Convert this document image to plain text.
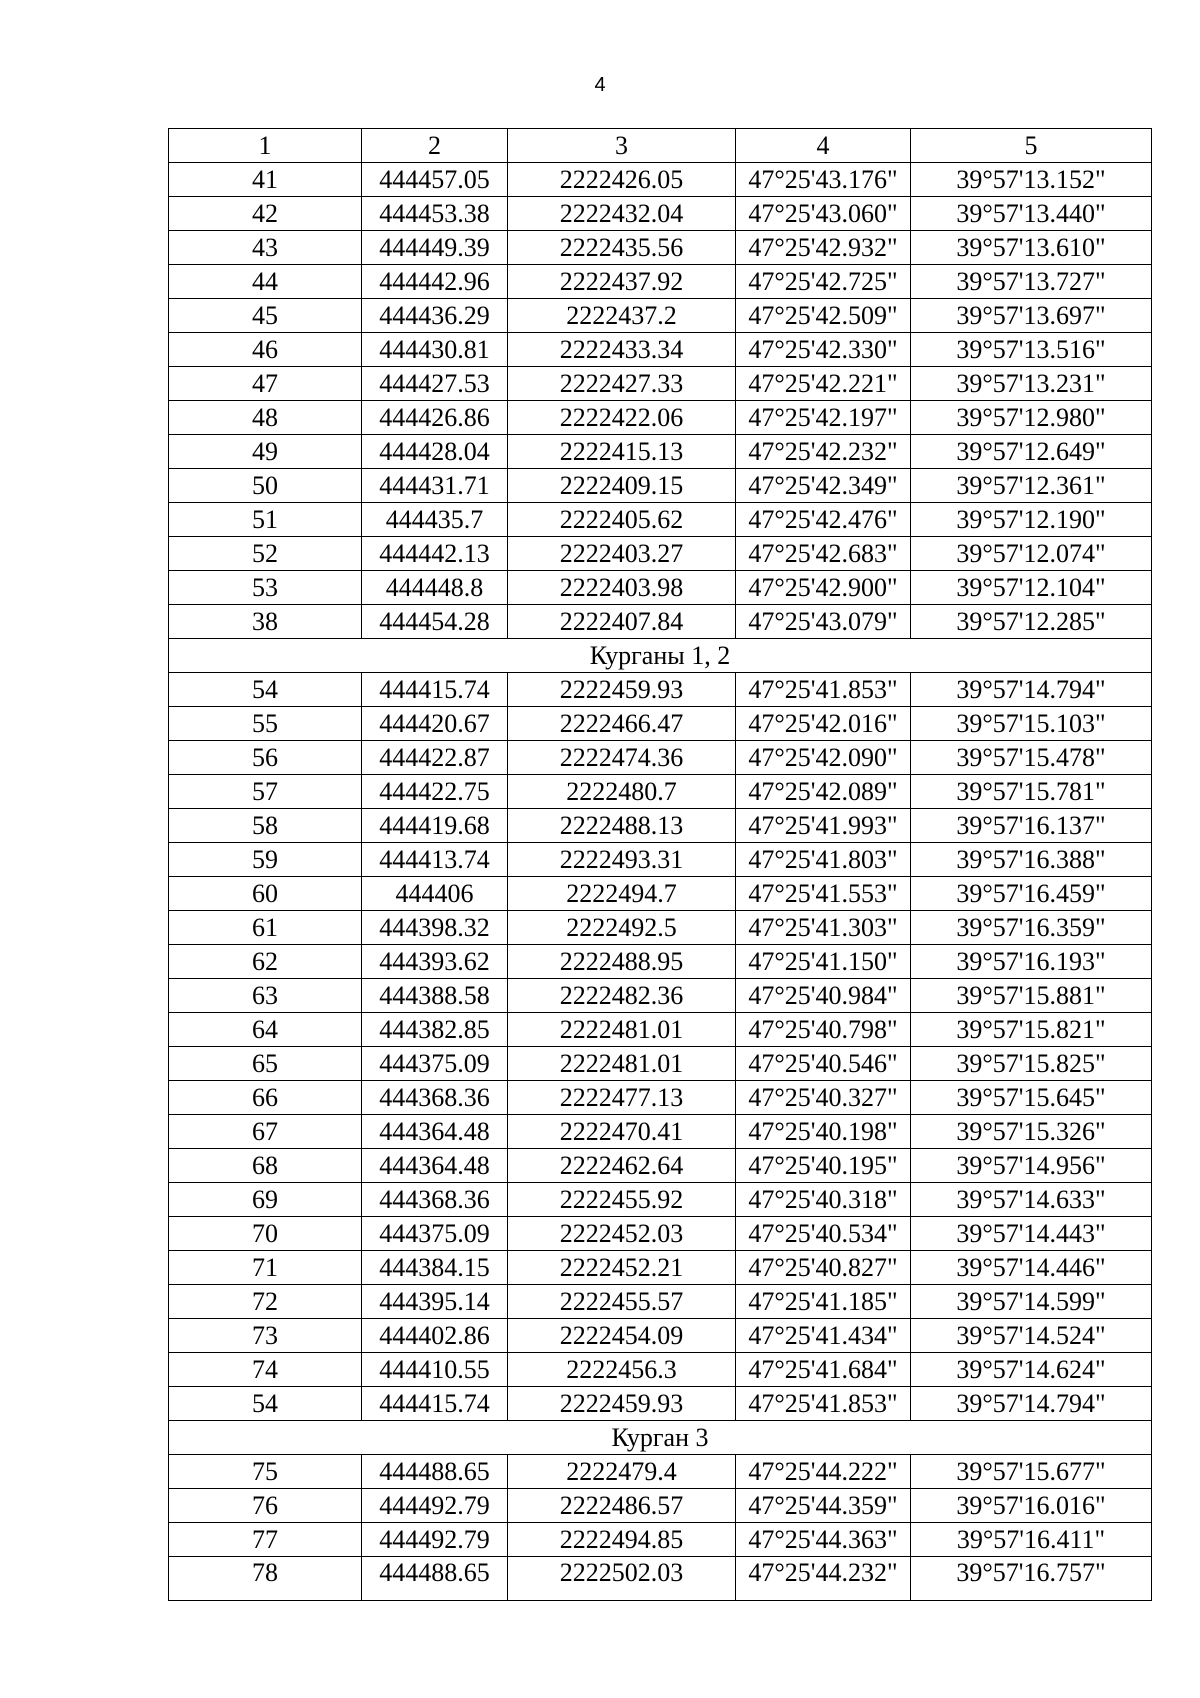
4
1	2	3	4	5
41	444457.05	2222426.05	47°25'43.176"	39°57'13.152"
42	444453.38	2222432.04	47°25'43.060"	39°57'13.440"
43	444449.39	2222435.56	47°25'42.932"	39°57'13.610"
44	444442.96	2222437.92	47°25'42.725"	39°57'13.727"
45	444436.29	2222437.2	47°25'42.509"	39°57'13.697"
46	444430.81	2222433.34	47°25'42.330"	39°57'13.516"
47	444427.53	2222427.33	47°25'42.221"	39°57'13.231"
48	444426.86	2222422.06	47°25'42.197"	39°57'12.980"
49	444428.04	2222415.13	47°25'42.232"	39°57'12.649"
50	444431.71	2222409.15	47°25'42.349"	39°57'12.361"
51	444435.7	2222405.62	47°25'42.476"	39°57'12.190"
52	444442.13	2222403.27	47°25'42.683"	39°57'12.074"
53	444448.8	2222403.98	47°25'42.900"	39°57'12.104"
38	444454.28	2222407.84	47°25'43.079"	39°57'12.285"
Курганы 1, 2				
54	444415.74	2222459.93	47°25'41.853"	39°57'14.794"
55	444420.67	2222466.47	47°25'42.016"	39°57'15.103"
56	444422.87	2222474.36	47°25'42.090"	39°57'15.478"
57	444422.75	2222480.7	47°25'42.089"	39°57'15.781"
58	444419.68	2222488.13	47°25'41.993"	39°57'16.137"
59	444413.74	2222493.31	47°25'41.803"	39°57'16.388"
60	444406	2222494.7	47°25'41.553"	39°57'16.459"
61	444398.32	2222492.5	47°25'41.303"	39°57'16.359"
62	444393.62	2222488.95	47°25'41.150"	39°57'16.193"
63	444388.58	2222482.36	47°25'40.984"	39°57'15.881"
64	444382.85	2222481.01	47°25'40.798"	39°57'15.821"
65	444375.09	2222481.01	47°25'40.546"	39°57'15.825"
66	444368.36	2222477.13	47°25'40.327"	39°57'15.645"
67	444364.48	2222470.41	47°25'40.198"	39°57'15.326"
68	444364.48	2222462.64	47°25'40.195"	39°57'14.956"
69	444368.36	2222455.92	47°25'40.318"	39°57'14.633"
70	444375.09	2222452.03	47°25'40.534"	39°57'14.443"
71	444384.15	2222452.21	47°25'40.827"	39°57'14.446"
72	444395.14	2222455.57	47°25'41.185"	39°57'14.599"
73	444402.86	2222454.09	47°25'41.434"	39°57'14.524"
74	444410.55	2222456.3	47°25'41.684"	39°57'14.624"
54	444415.74	2222459.93	47°25'41.853"	39°57'14.794"
Курган 3				
75	444488.65	2222479.4	47°25'44.222"	39°57'15.677"
76	444492.79	2222486.57	47°25'44.359"	39°57'16.016"
77	444492.79	2222494.85	47°25'44.363"	39°57'16.411"
78	444488.65	2222502.03	47°25'44.232"	39°57'16.757"
